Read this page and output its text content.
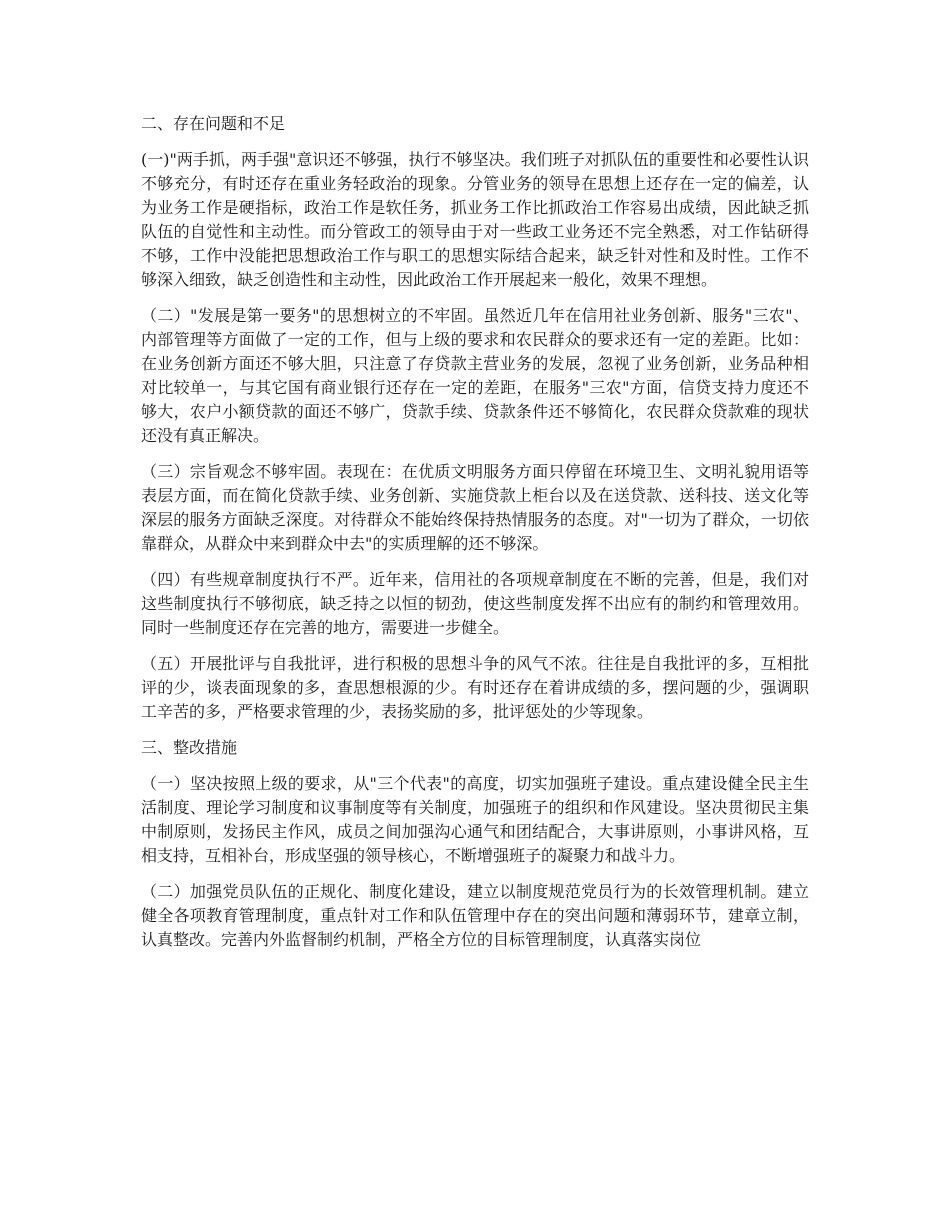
二、存在问题和不足

(一)"两手抓，两手强"意识还不够强，执行不够坚决。我们班子对抓队伍的重要性和必要性认识不够充分，有时还存在重业务轻政治的现象。分管业务的领导在思想上还存在一定的偏差，认为业务工作是硬指标，政治工作是软任务，抓业务工作比抓政治工作容易出成绩，因此缺乏抓队伍的自觉性和主动性。而分管政工的领导由于对一些政工业务还不完全熟悉，对工作钻研得不够，工作中没能把思想政治工作与职工的思想实际结合起来，缺乏针对性和及时性。工作不够深入细致，缺乏创造性和主动性，因此政治工作开展起来一般化，效果不理想。

（二）"发展是第一要务"的思想树立的不牢固。虽然近几年在信用社业务创新、服务"三农"、内部管理等方面做了一定的工作，但与上级的要求和农民群众的要求还有一定的差距。比如：在业务创新方面还不够大胆，只注意了存贷款主营业务的发展，忽视了业务创新，业务品种相对比较单一，与其它国有商业银行还存在一定的差距，在服务"三农"方面，信贷支持力度还不够大，农户小额贷款的面还不够广，贷款手续、贷款条件还不够简化，农民群众贷款难的现状还没有真正解决。

（三）宗旨观念不够牢固。表现在：在优质文明服务方面只停留在环境卫生、文明礼貌用语等表层方面，而在简化贷款手续、业务创新、实施贷款上柜台以及在送贷款、送科技、送文化等深层的服务方面缺乏深度。对待群众不能始终保持热情服务的态度。对"一切为了群众，一切依靠群众，从群众中来到群众中去"的实质理解的还不够深。

（四）有些规章制度执行不严。近年来，信用社的各项规章制度在不断的完善，但是，我们对这些制度执行不够彻底，缺乏持之以恒的韧劲，使这些制度发挥不出应有的制约和管理效用。同时一些制度还存在完善的地方，需要进一步健全。

（五）开展批评与自我批评，进行积极的思想斗争的风气不浓。往往是自我批评的多，互相批评的少，谈表面现象的多，查思想根源的少。有时还存在着讲成绩的多，摆问题的少，强调职工辛苦的多，严格要求管理的少，表扬奖励的多，批评惩处的少等现象。

三、整改措施

（一）坚决按照上级的要求，从"三个代表"的高度，切实加强班子建设。重点建设健全民主生活制度、理论学习制度和议事制度等有关制度，加强班子的组织和作风建设。坚决贯彻民主集中制原则，发扬民主作风，成员之间加强沟心通气和团结配合，大事讲原则，小事讲风格，互相支持，互相补台，形成坚强的领导核心，不断增强班子的凝聚力和战斗力。

（二）加强党员队伍的正规化、制度化建设，建立以制度规范党员行为的长效管理机制。建立健全各项教育管理制度，重点针对工作和队伍管理中存在的突出问题和薄弱环节，建章立制，认真整改。完善内外监督制约机制，严格全方位的目标管理制度，认真落实岗位
